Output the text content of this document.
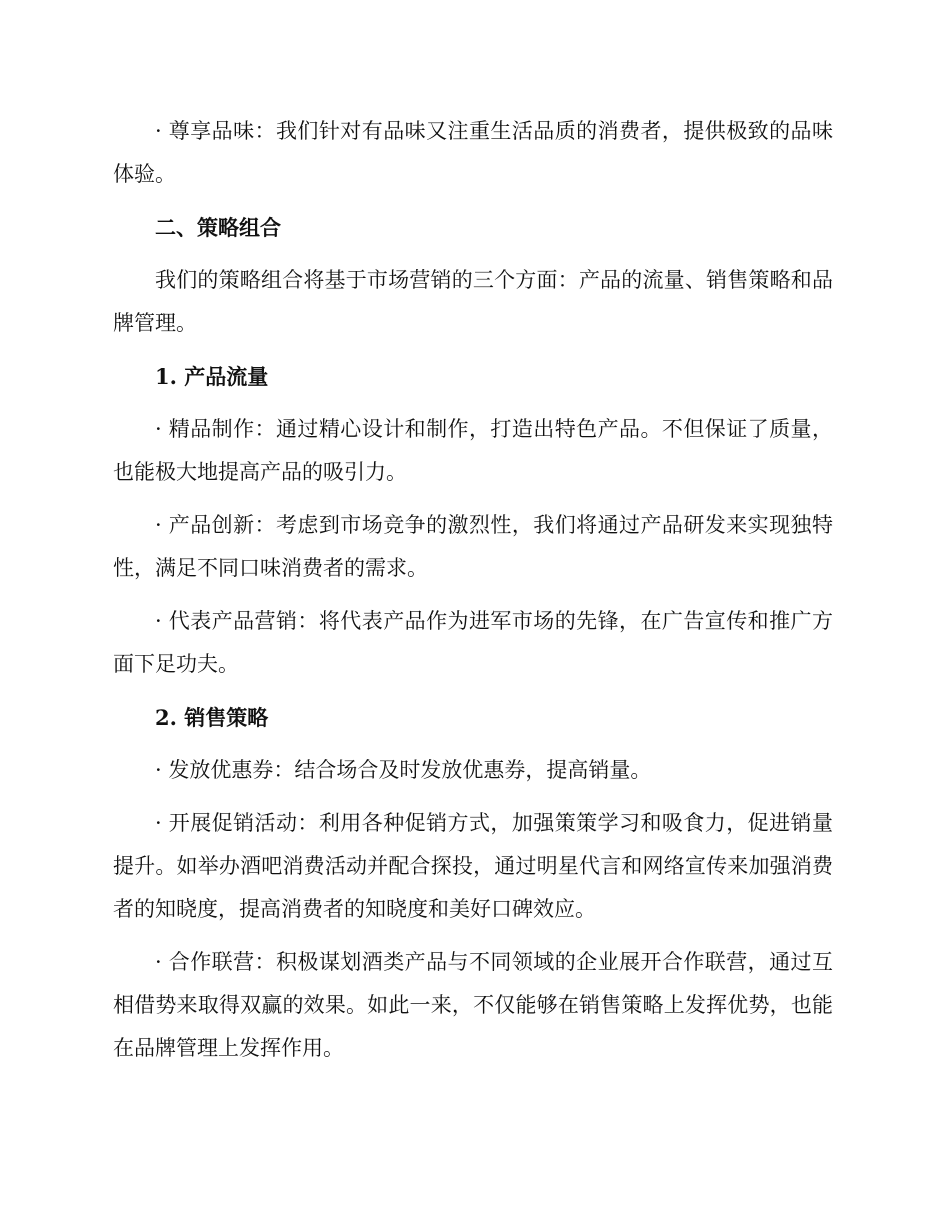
· 尊享品味：我们针对有品味又注重生活品质的消费者，提供极致的品味体验。

二、策略组合

我们的策略组合将基于市场营销的三个方面：产品的流量、销售策略和品牌管理。

1. 产品流量

· 精品制作：通过精心设计和制作，打造出特色产品。不但保证了质量，也能极大地提高产品的吸引力。

· 产品创新：考虑到市场竞争的激烈性，我们将通过产品研发来实现独特性，满足不同口味消费者的需求。

· 代表产品营销：将代表产品作为进军市场的先锋，在广告宣传和推广方面下足功夫。

2. 销售策略

· 发放优惠券：结合场合及时发放优惠券，提高销量。

· 开展促销活动：利用各种促销方式，加强策策学习和吸食力，促进销量提升。如举办酒吧消费活动并配合探投，通过明星代言和网络宣传来加强消费者的知晓度，提高消费者的知晓度和美好口碑效应。

· 合作联营：积极谋划酒类产品与不同领域的企业展开合作联营，通过互相借势来取得双赢的效果。如此一来，不仅能够在销售策略上发挥优势，也能在品牌管理上发挥作用。
